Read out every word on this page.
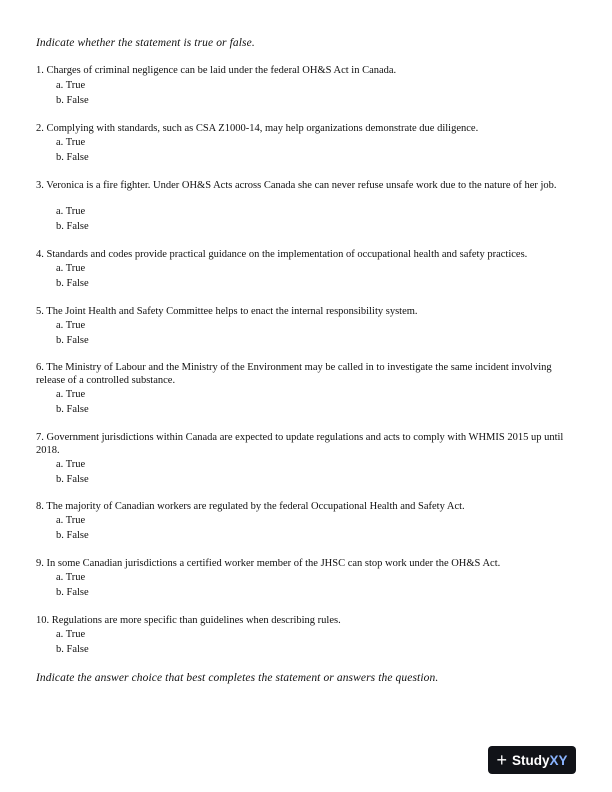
Indicate whether the statement is true or false.

1. Charges of criminal negligence can be laid under the federal OH&S Act in Canada.

a. True
b. False

2. Complying with standards, such as CSA Z1000-14, may help organizations demonstrate due diligence.

a. True
b. False

3. Veronica is a fire fighter. Under OH&S Acts across Canada she can never refuse unsafe work due to the nature of her job.

a. True
b. False

4. Standards and codes provide practical guidance on the implementation of occupational health and safety practices.

a. True
b. False

5. The Joint Health and Safety Committee helps to enact the internal responsibility system.

a. True
b. False

6. The Ministry of Labour and the Ministry of the Environment may be called in to investigate the same incident involving release of a controlled substance.

a. True
b. False

7. Government jurisdictions within Canada are expected to update regulations and acts to comply with WHMIS 2015 up until 2018.

a. True
b. False

8. The majority of Canadian workers are regulated by the federal Occupational Health and Safety Act.

a. True
b. False

9. In some Canadian jurisdictions a certified worker member of the JHSC can stop work under the OH&S Act.

a. True
b. False

10. Regulations are more specific than guidelines when describing rules.

a. True
b. False
Indicate the answer choice that best completes the statement or answers the question.
+ Study XY
